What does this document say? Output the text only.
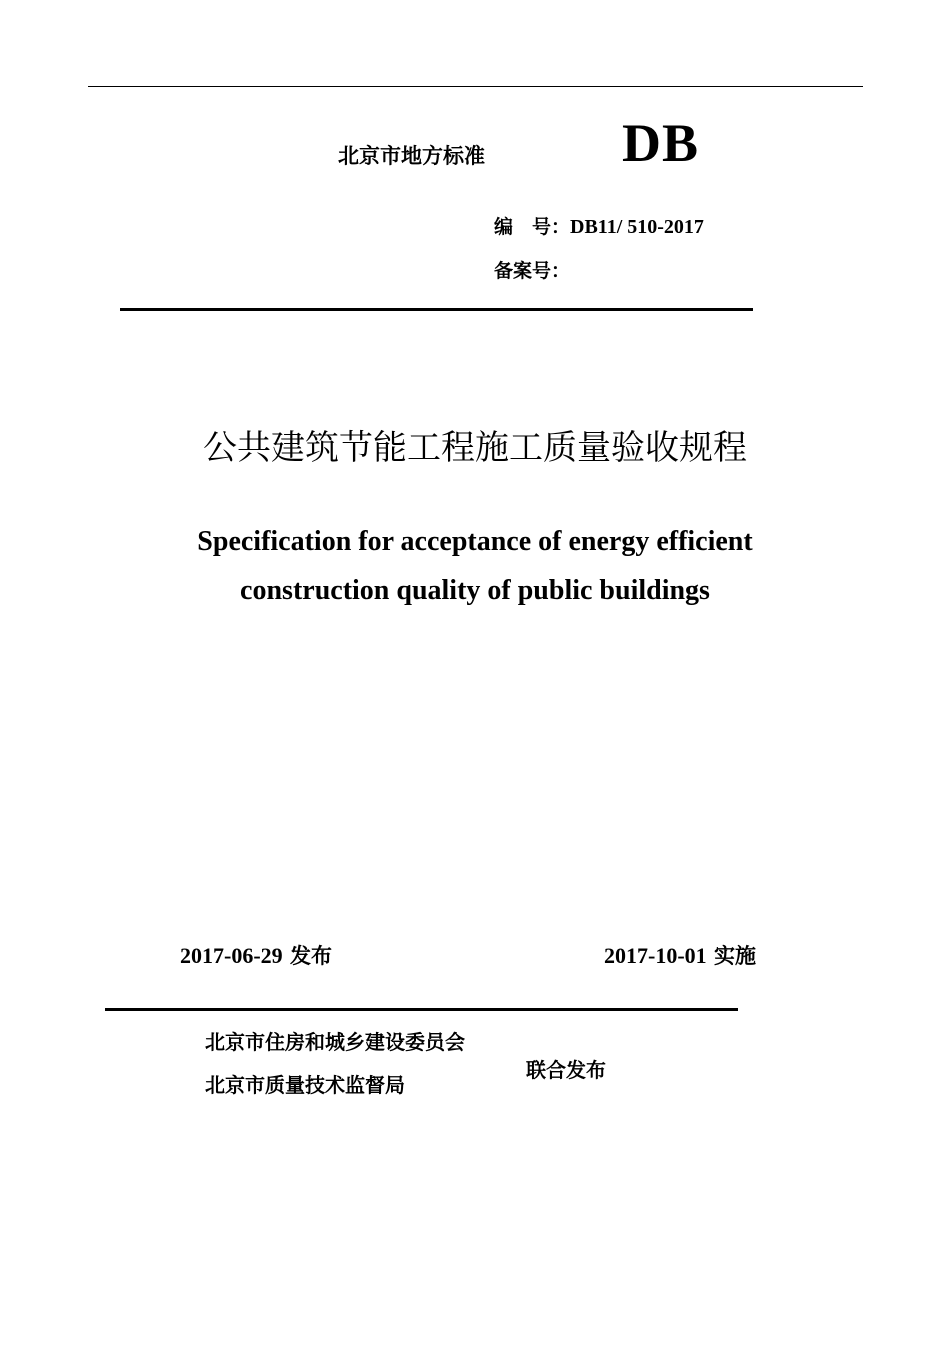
北京市地方标准	DB
编　号：DB11/ 510-2017
备案号：
公共建筑节能工程施工质量验收规程
Specification for acceptance of energy efficient
construction quality of public buildings
2017-06-29 发布	2017-10-01 实施
北京市住房和城乡建设委员会
北京市质量技术监督局
联合发布
